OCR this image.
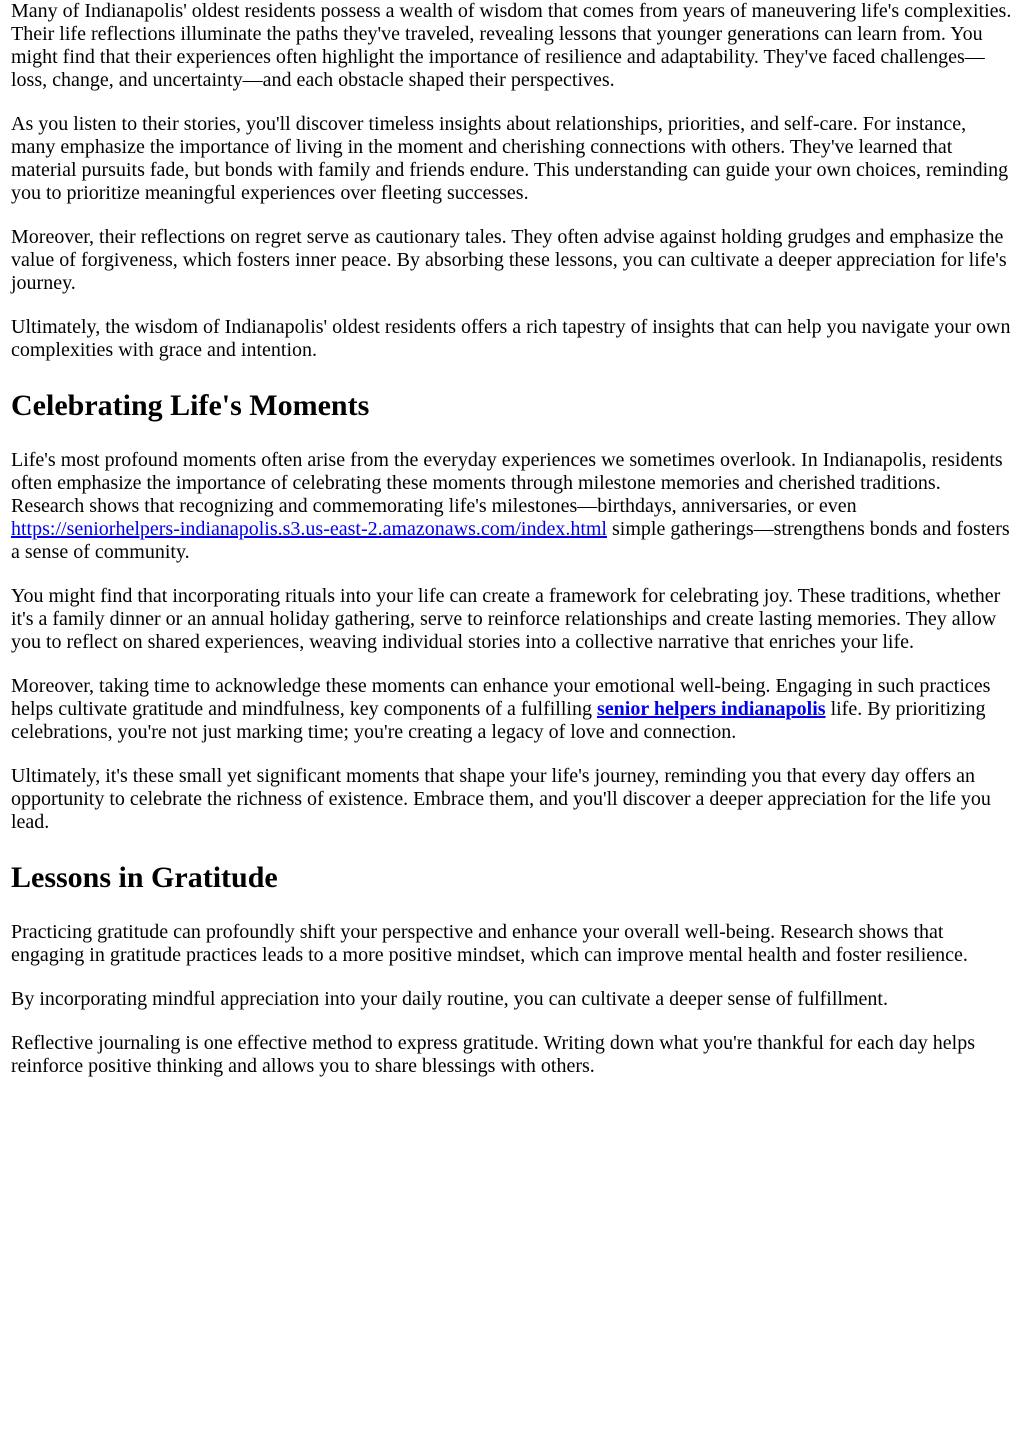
Many of Indianapolis' oldest residents possess a wealth of wisdom that comes from years of maneuvering life's complexities. Their life reflections illuminate the paths they've traveled, revealing lessons that younger generations can learn from. You might find that their experiences often highlight the importance of resilience and adaptability. They've faced challenges—loss, change, and uncertainty—and each obstacle shaped their perspectives.

As you listen to their stories, you'll discover timeless insights about relationships, priorities, and self-care. For instance, many emphasize the importance of living in the moment and cherishing connections with others. They've learned that material pursuits fade, but bonds with family and friends endure. This understanding can guide your own choices, reminding you to prioritize meaningful experiences over fleeting successes.

Moreover, their reflections on regret serve as cautionary tales. They often advise against holding grudges and emphasize the value of forgiveness, which fosters inner peace. By absorbing these lessons, you can cultivate a deeper appreciation for life's journey.

Ultimately, the wisdom of Indianapolis' oldest residents offers a rich tapestry of insights that can help you navigate your own complexities with grace and intention.

Celebrating Life's Moments

Life's most profound moments often arise from the everyday experiences we sometimes overlook. In Indianapolis, residents often emphasize the importance of celebrating these moments through milestone memories and cherished traditions. Research shows that recognizing and commemorating life's milestones—birthdays, anniversaries, or even https://seniorhelpers-indianapolis.s3.us-east-2.amazonaws.com/index.html simple gatherings—strengthens bonds and fosters a sense of community.

You might find that incorporating rituals into your life can create a framework for celebrating joy. These traditions, whether it's a family dinner or an annual holiday gathering, serve to reinforce relationships and create lasting memories. They allow you to reflect on shared experiences, weaving individual stories into a collective narrative that enriches your life.

Moreover, taking time to acknowledge these moments can enhance your emotional well-being. Engaging in such practices helps cultivate gratitude and mindfulness, key components of a fulfilling senior helpers indianapolis life. By prioritizing celebrations, you're not just marking time; you're creating a legacy of love and connection.

Ultimately, it's these small yet significant moments that shape your life's journey, reminding you that every day offers an opportunity to celebrate the richness of existence. Embrace them, and you'll discover a deeper appreciation for the life you lead.

Lessons in Gratitude

Practicing gratitude can profoundly shift your perspective and enhance your overall well-being. Research shows that engaging in gratitude practices leads to a more positive mindset, which can improve mental health and foster resilience.

By incorporating mindful appreciation into your daily routine, you can cultivate a deeper sense of fulfillment.

Reflective journaling is one effective method to express gratitude. Writing down what you're thankful for each day helps reinforce positive thinking and allows you to share blessings with others.
